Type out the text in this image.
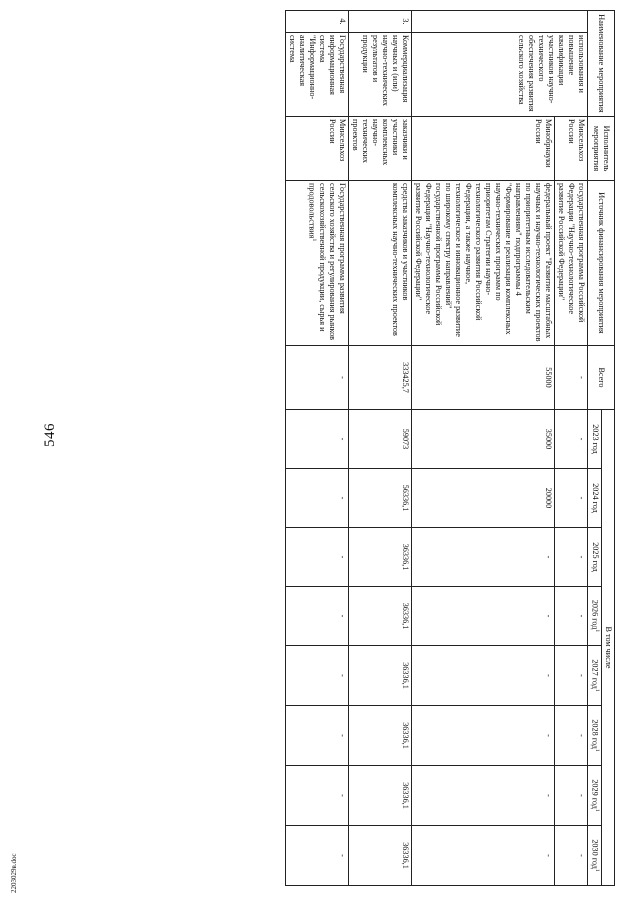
546
2203029в.doc
Наименование мероприятия		Исполнитель мероприятия	Источник финансирования мероприятия	Всего	В том числе							
					2023 год	2024 год	2025 год	2026 год$^1$	2027 год$^1$	2028 год$^1$	2029 год$^1$	2030 год$^1$
	использования и повышение квалификации участников научно-технического обеспечения развития сельского хозяйства	Минсельхоз России	государственная программа Российской Федерации "Научно-технологическое развитие Российской Федерации"	-	-	-	-	-	-	-	-	-
		Минобрнауки России	федеральный проект "Развитие масштабных научных и научно-технологических проектов по приоритетным исследовательским направлениям" подпрограммы 4 "Формирование и реализация комплексных научно-технических программ по приоритетам Стратегии научно-технологического развития Российской Федерации, а также научное, технологическое и инновационное развитие по широкому спектру направлений" государственной программы Российской Федерации "Научно-технологическое развитие Российской Федерации"	55000	35000	20000	-	-	-	-	-	-
3.	Коммерциализация научных и (или) научно-технических результатов и продукции	заказчики и участники комплексных научно-технических проектов	средства заказчиков и участников комплексных научно-технических проектов	333425,7	59073	56336,1	36336,1	36336,1	36336,1	36336,1	36336,1	36336,1
4.	Государственная информационная система "Информационно-аналитическая система	Минсельхоз России	Государственная программа развития сельского хозяйства и регулирования рынков сельскохозяйственной продукции, сырья и продовольствия$^1$	-	-	-	-	-	-	-	-	-
